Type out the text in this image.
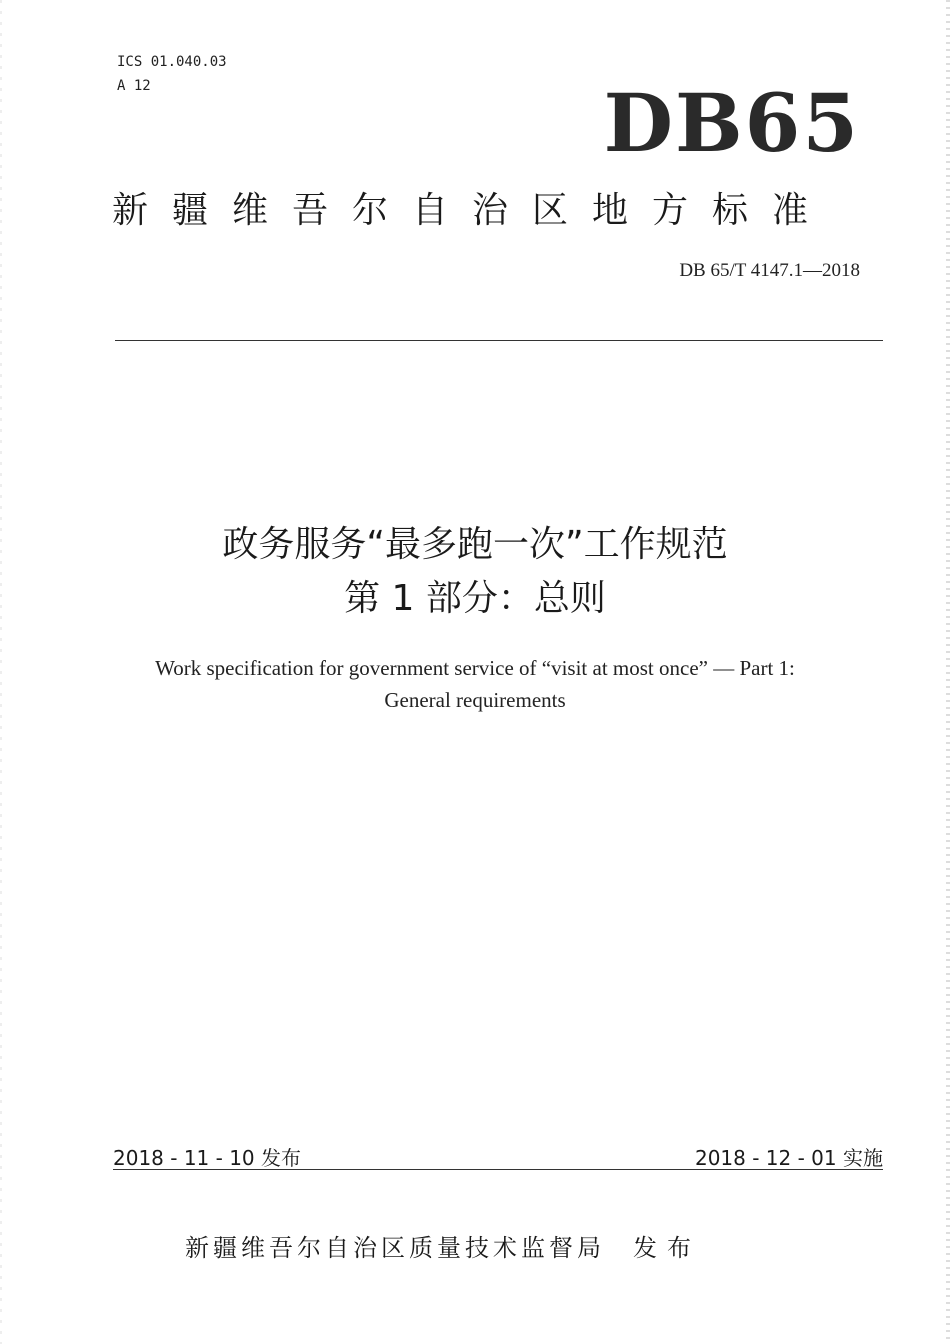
ICS 01.040.03
A 12	DB65
新疆维吾尔自治区地方标准
DB 65/T 4147.1—2018
政务服务“最多跑一次”工作规范
第 1 部分：总则
Work specification for government service of “visit at most once” — Part 1:
General requirements
2018 - 11 - 10 发布	2018 - 12 - 01 实施
新疆维吾尔自治区质量技术监督局 发布
